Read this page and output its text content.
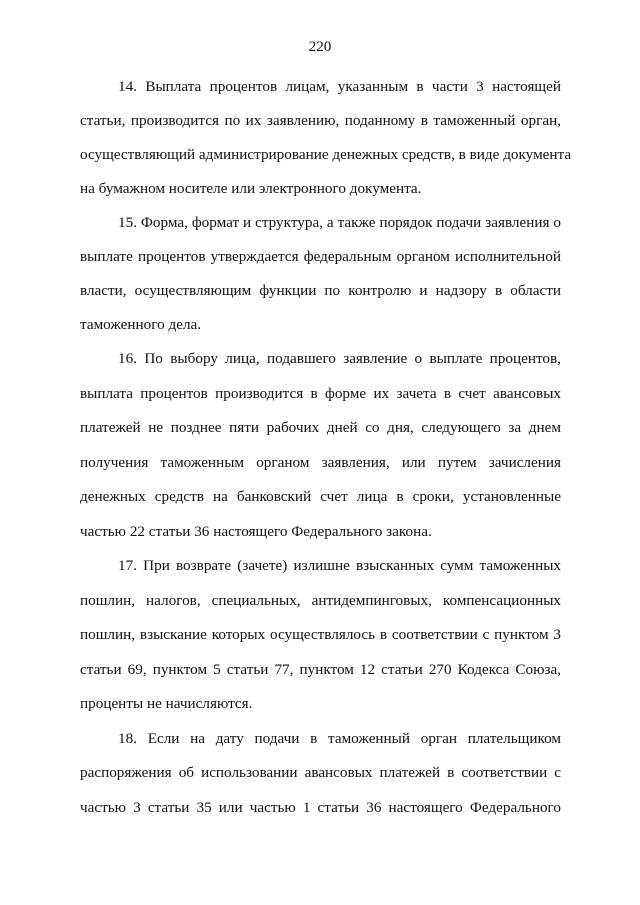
220
14. Выплата процентов лицам, указанным в части 3 настоящей
статьи, производится по их заявлению, поданному в таможенный орган,
осуществляющий администрирование денежных средств, в виде документа
на бумажном носителе или электронного документа.
15. Форма, формат и структура, а также порядок подачи заявления о
выплате процентов утверждается федеральным органом исполнительной
власти, осуществляющим функции по контролю и надзору в области
таможенного дела.
16. По выбору лица, подавшего заявление о выплате процентов,
выплата процентов производится в форме их зачета в счет авансовых
платежей не позднее пяти рабочих дней со дня, следующего за днем
получения таможенным органом заявления, или путем зачисления
денежных средств на банковский счет лица в сроки, установленные
частью 22 статьи 36 настоящего Федерального закона.
17. При возврате (зачете) излишне взысканных сумм таможенных
пошлин, налогов, специальных, антидемпинговых, компенсационных
пошлин, взыскание которых осуществлялось в соответствии с пунктом 3
статьи 69, пунктом 5 статьи 77, пунктом 12 статьи 270 Кодекса Союза,
проценты не начисляются.
18. Если на дату подачи в таможенный орган плательщиком
распоряжения об использовании авансовых платежей в соответствии с
частью 3 статьи 35 или частью 1 статьи 36 настоящего Федерального
